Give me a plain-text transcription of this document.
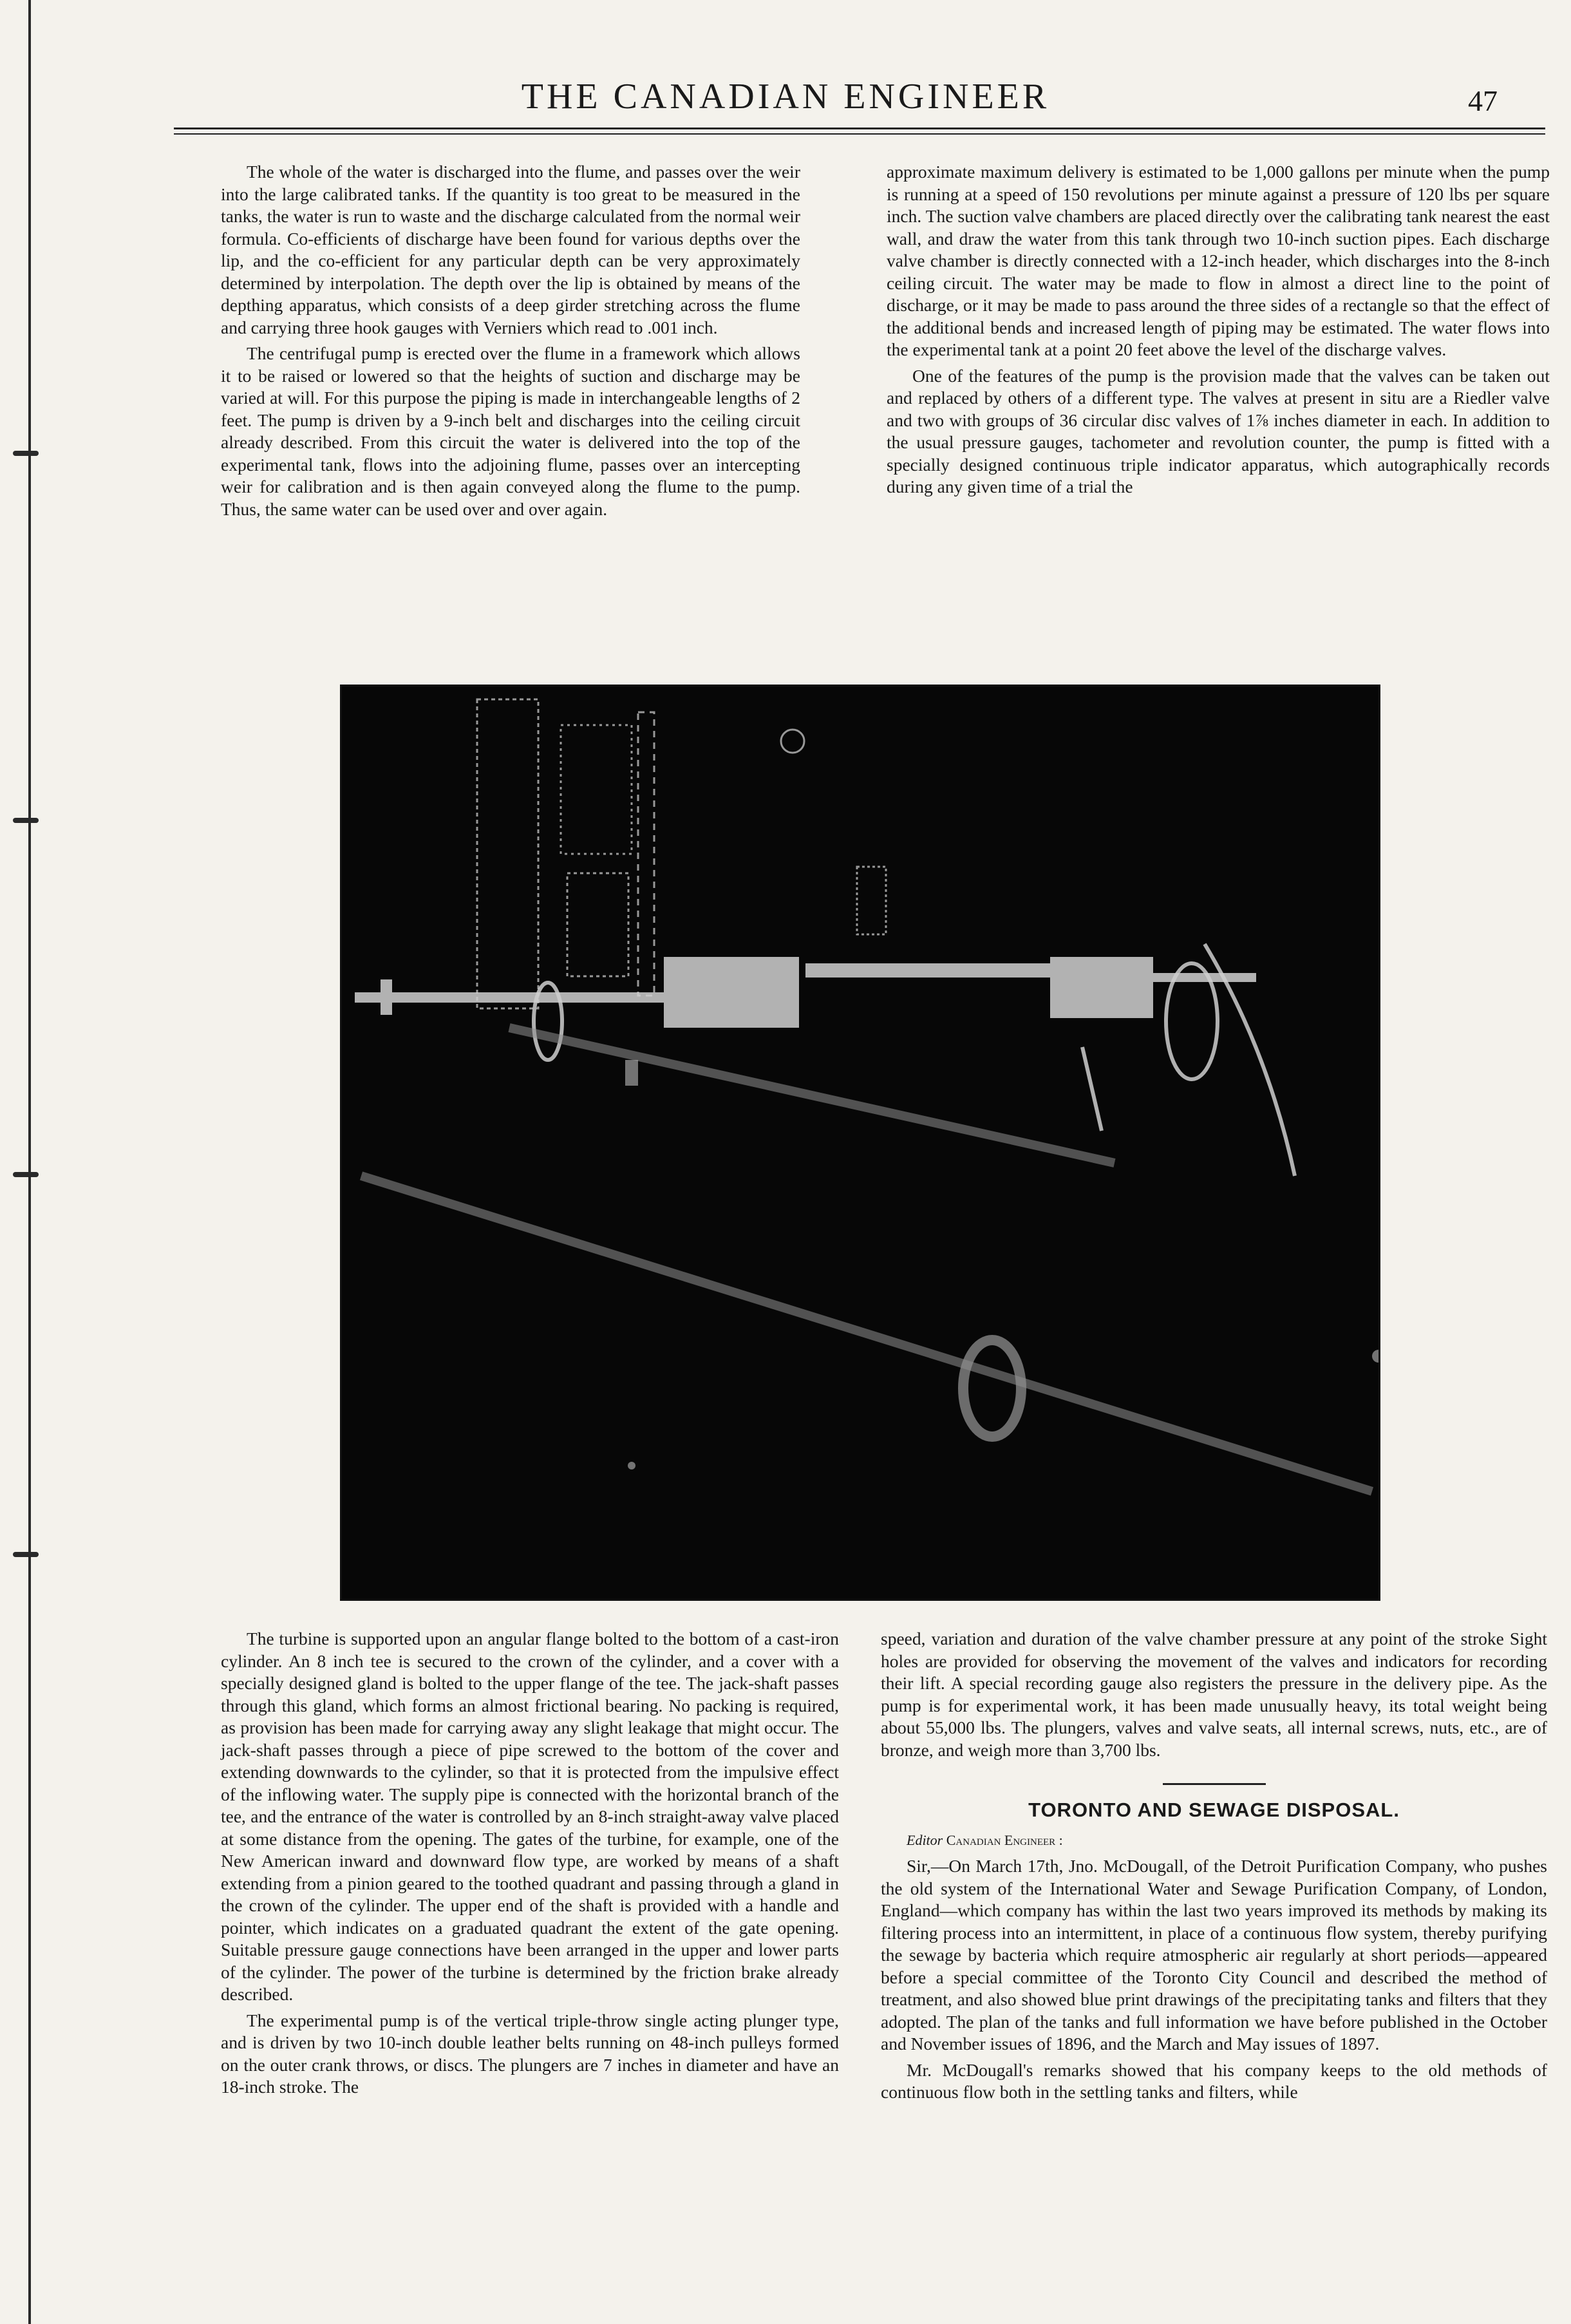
THE CANADIAN ENGINEER	47

The whole of the water is discharged into the flume, and passes over the weir into the large calibrated tanks. If the quantity is too great to be measured in the tanks, the water is run to waste and the discharge calculated from the normal weir formula. Co-efficients of discharge have been found for various depths over the lip, and the co-efficient for any particular depth can be very approximately determined by interpolation. The depth over the lip is obtained by means of the depthing apparatus, which consists of a deep girder stretching across the flume and carrying three hook gauges with Verniers which read to .001 inch.

The centrifugal pump is erected over the flume in a framework which allows it to be raised or lowered so that the heights of suction and discharge may be varied at will. For this purpose the piping is made in interchangeable lengths of 2 feet. The pump is driven by a 9-inch belt and discharges into the ceiling circuit already described. From this circuit the water is delivered into the top of the experimental tank, flows into the adjoining flume, passes over an intercepting weir for calibration and is then again conveyed along the flume to the pump. Thus, the same water can be used over and over again.

approximate maximum delivery is estimated to be 1,000 gallons per minute when the pump is running at a speed of 150 revolutions per minute against a pressure of 120 lbs per square inch. The suction valve chambers are placed directly over the calibrating tank nearest the east wall, and draw the water from this tank through two 10-inch suction pipes. Each discharge valve chamber is directly connected with a 12-inch header, which discharges into the 8-inch ceiling circuit. The water may be made to flow in almost a direct line to the point of discharge, or it may be made to pass around the three sides of a rectangle so that the effect of the additional bends and increased length of piping may be estimated. The water flows into the experimental tank at a point 20 feet above the level of the discharge valves.

One of the features of the pump is the provision made that the valves can be taken out and replaced by others of a different type. The valves at present in situ are a Riedler valve and two with groups of 36 circular disc valves of 1⅞ inches diameter in each. In addition to the usual pressure gauges, tachometer and revolution counter, the pump is fitted with a specially designed continuous triple indicator apparatus, which autographically records during any given time of a trial the

The turbine is supported upon an angular flange bolted to the bottom of a cast-iron cylinder. An 8 inch tee is secured to the crown of the cylinder, and a cover with a specially designed gland is bolted to the upper flange of the tee. The jack-shaft passes through this gland, which forms an almost frictional bearing. No packing is required, as provision has been made for carrying away any slight leakage that might occur. The jack-shaft passes through a piece of pipe screwed to the bottom of the cover and extending downwards to the cylinder, so that it is protected from the impulsive effect of the inflowing water. The supply pipe is connected with the horizontal branch of the tee, and the entrance of the water is controlled by an 8-inch straight-away valve placed at some distance from the opening. The gates of the turbine, for example, one of the New American inward and downward flow type, are worked by means of a shaft extending from a pinion geared to the toothed quadrant and passing through a gland in the crown of the cylinder. The upper end of the shaft is provided with a handle and pointer, which indicates on a graduated quadrant the extent of the gate opening. Suitable pressure gauge connections have been arranged in the upper and lower parts of the cylinder. The power of the turbine is determined by the friction brake already described.

The experimental pump is of the vertical triple-throw single acting plunger type, and is driven by two 10-inch double leather belts running on 48-inch pulleys formed on the outer crank throws, or discs. The plungers are 7 inches in diameter and have an 18-inch stroke. The

speed, variation and duration of the valve chamber pressure at any point of the stroke Sight holes are provided for observing the movement of the valves and indicators for recording their lift. A special recording gauge also registers the pressure in the delivery pipe. As the pump is for experimental work, it has been made unusually heavy, its total weight being about 55,000 lbs. The plungers, valves and valve seats, all internal screws, nuts, etc., are of bronze, and weigh more than 3,700 lbs.

TORONTO AND SEWAGE DISPOSAL.

Editor Canadian Engineer :

Sir,—On March 17th, Jno. McDougall, of the Detroit Purification Company, who pushes the old system of the International Water and Sewage Purification Company, of London, England—which company has within the last two years improved its methods by making its filtering process into an intermittent, in place of a continuous flow system, thereby purifying the sewage by bacteria which require atmospheric air regularly at short periods—appeared before a special committee of the Toronto City Council and described the method of treatment, and also showed blue print drawings of the precipitating tanks and filters that they adopted. The plan of the tanks and full information we have before published in the October and November issues of 1896, and the March and May issues of 1897.

Mr. McDougall's remarks showed that his company keeps to the old methods of continuous flow both in the settling tanks and filters, while
